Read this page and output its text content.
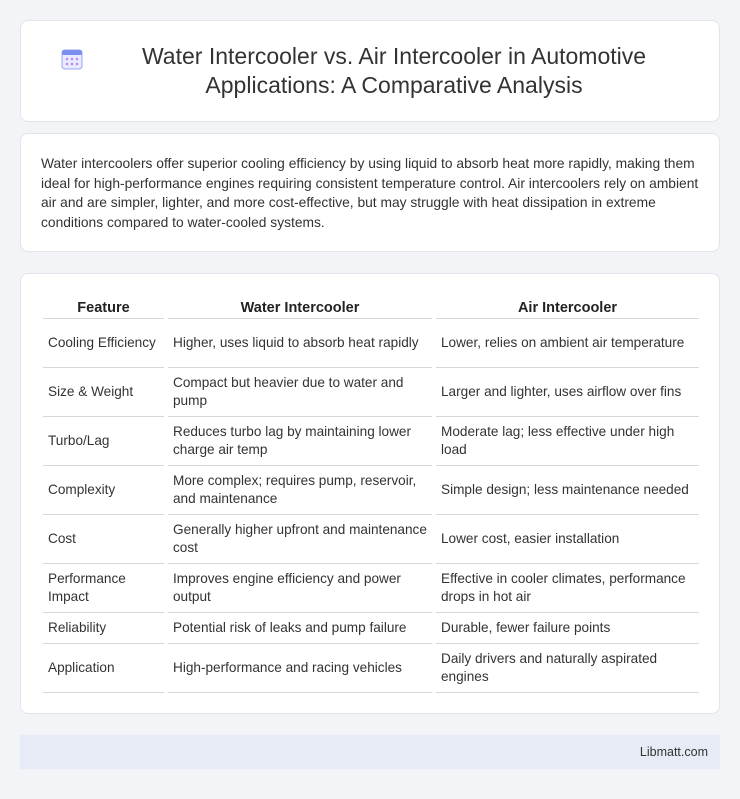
Water Intercooler vs. Air Intercooler in Automotive Applications: A Comparative Analysis

Water intercoolers offer superior cooling efficiency by using liquid to absorb heat more rapidly, making them ideal for high-performance engines requiring consistent temperature control. Air intercoolers rely on ambient air and are simpler, lighter, and more cost-effective, but may struggle with heat dissipation in extreme conditions compared to water-cooled systems.

Feature	Water Intercooler	Air Intercooler
Cooling Efficiency	Higher, uses liquid to absorb heat rapidly	Lower, relies on ambient air temperature
Size & Weight	Compact but heavier due to water and pump	Larger and lighter, uses airflow over fins
Turbo/Lag	Reduces turbo lag by maintaining lower charge air temp	Moderate lag; less effective under high load
Complexity	More complex; requires pump, reservoir, and maintenance	Simple design; less maintenance needed
Cost	Generally higher upfront and maintenance cost	Lower cost, easier installation
Performance Impact	Improves engine efficiency and power output	Effective in cooler climates, performance drops in hot air
Reliability	Potential risk of leaks and pump failure	Durable, fewer failure points
Application	High-performance and racing vehicles	Daily drivers and naturally aspirated engines
Libmatt.com
